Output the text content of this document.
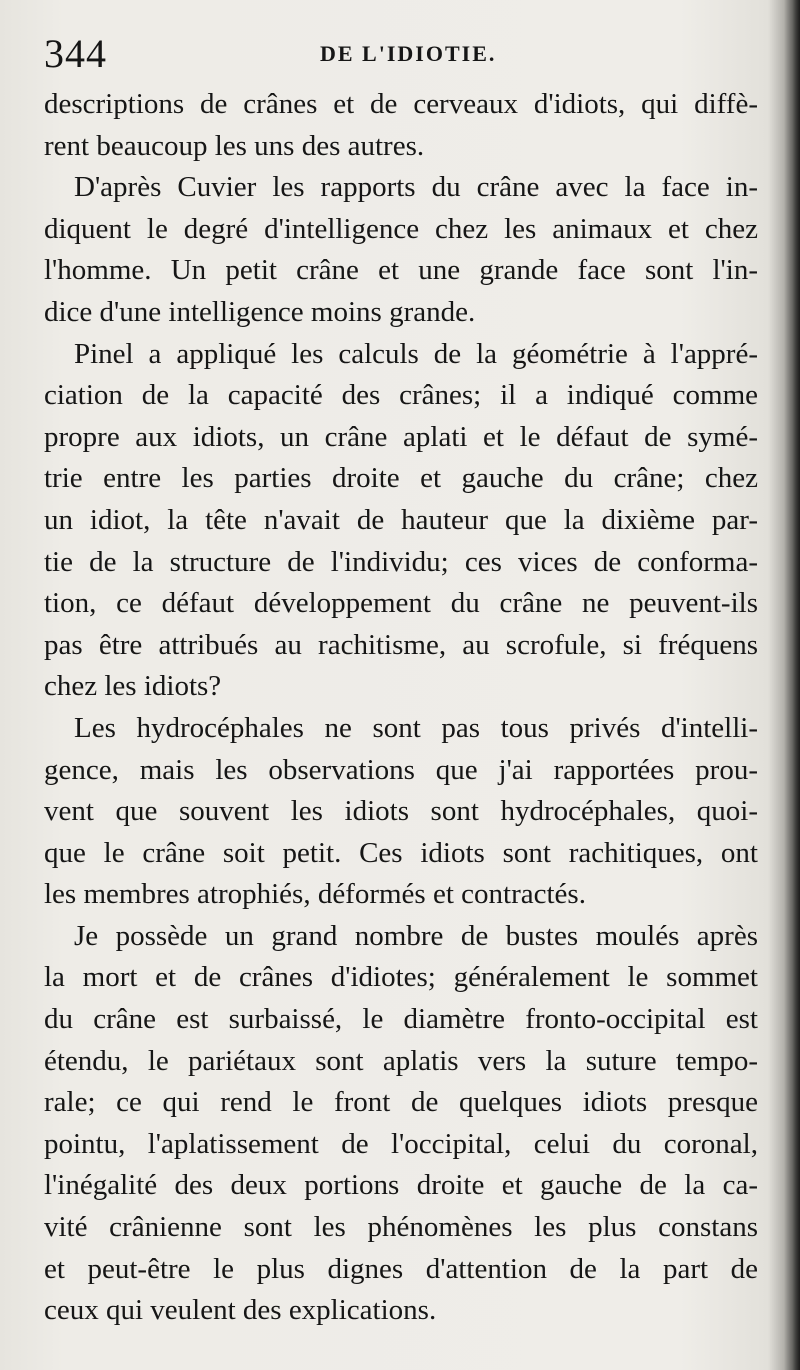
344	DE L'IDIOTIE.
descriptions de crânes et de cerveaux d'idiots, qui diffè-
rent beaucoup les uns des autres.
D'après Cuvier les rapports du crâne avec la face in-
diquent le degré d'intelligence chez les animaux et chez
l'homme. Un petit crâne et une grande face sont l'in-
dice d'une intelligence moins grande.
Pinel a appliqué les calculs de la géométrie à l'appré-
ciation de la capacité des crânes; il a indiqué comme
propre aux idiots, un crâne aplati et le défaut de symé-
trie entre les parties droite et gauche du crâne; chez
un idiot, la tête n'avait de hauteur que la dixième par-
tie de la structure de l'individu; ces vices de conforma-
tion, ce défaut développement du crâne ne peuvent-ils
pas être attribués au rachitisme, au scrofule, si fréquens
chez les idiots?
Les hydrocéphales ne sont pas tous privés d'intelli-
gence, mais les observations que j'ai rapportées prou-
vent que souvent les idiots sont hydrocéphales, quoi-
que le crâne soit petit. Ces idiots sont rachitiques, ont
les membres atrophiés, déformés et contractés.
Je possède un grand nombre de bustes moulés après
la mort et de crânes d'idiotes; généralement le sommet
du crâne est surbaissé, le diamètre fronto-occipital est
étendu, le pariétaux sont aplatis vers la suture tempo-
rale; ce qui rend le front de quelques idiots presque
pointu, l'aplatissement de l'occipital, celui du coronal,
l'inégalité des deux portions droite et gauche de la ca-
vité crânienne sont les phénomènes les plus constans
et peut-être le plus dignes d'attention de la part de
ceux qui veulent des explications.
